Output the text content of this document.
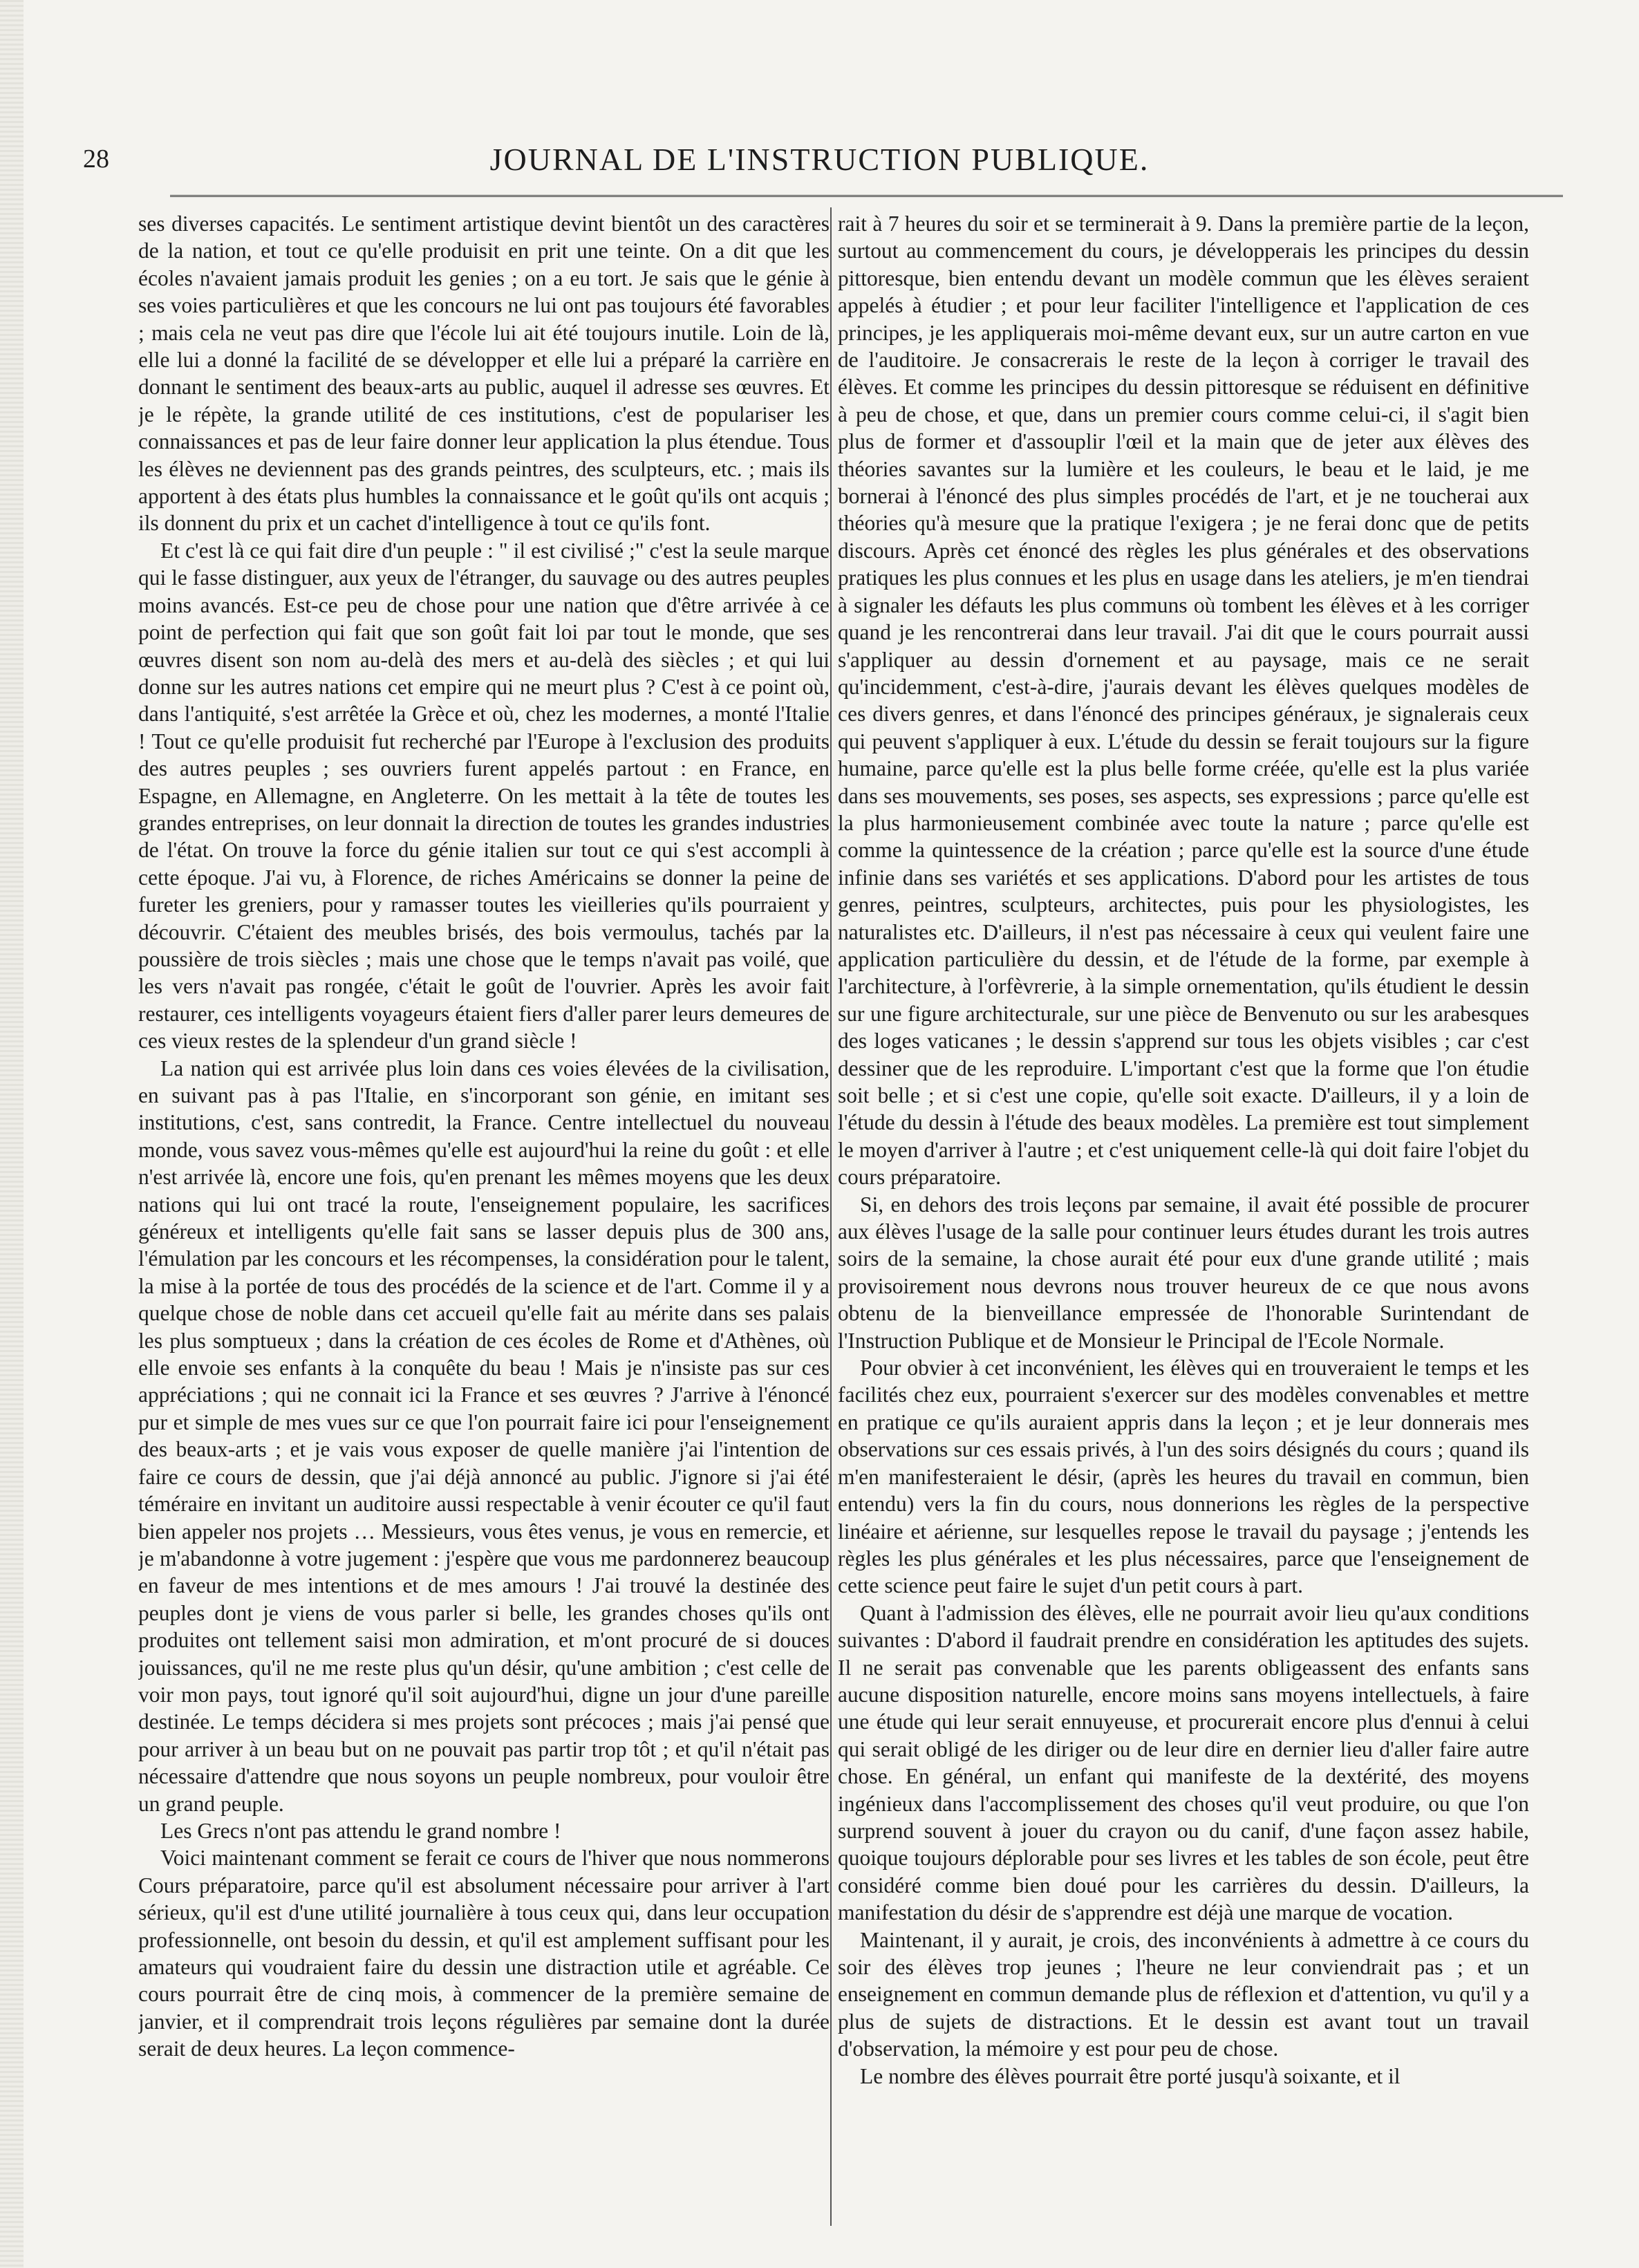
28	JOURNAL DE L'INSTRUCTION PUBLIQUE.

ses diverses capacités. Le sentiment artistique devint bientôt un des caractères de la nation, et tout ce qu'elle produisit en prit une teinte. On a dit que les écoles n'avaient jamais produit les genies ; on a eu tort. Je sais que le génie à ses voies particulières et que les concours ne lui ont pas toujours été favorables ; mais cela ne veut pas dire que l'école lui ait été toujours inutile. Loin de là, elle lui a donné la facilité de se développer et elle lui a préparé la carrière en donnant le sentiment des beaux-arts au public, auquel il adresse ses œuvres. Et je le répète, la grande utilité de ces institutions, c'est de populariser les connaissances et pas de leur faire donner leur application la plus étendue. Tous les élèves ne deviennent pas des grands peintres, des sculpteurs, etc. ; mais ils apportent à des états plus humbles la connaissance et le goût qu'ils ont acquis ; ils donnent du prix et un cachet d'intelligence à tout ce qu'ils font.

Et c'est là ce qui fait dire d'un peuple : " il est civilisé ;" c'est la seule marque qui le fasse distinguer, aux yeux de l'étranger, du sauvage ou des autres peuples moins avancés. Est-ce peu de chose pour une nation que d'être arrivée à ce point de perfection qui fait que son goût fait loi par tout le monde, que ses œuvres disent son nom au-delà des mers et au-delà des siècles ; et qui lui donne sur les autres nations cet empire qui ne meurt plus ? C'est à ce point où, dans l'antiquité, s'est arrêtée la Grèce et où, chez les modernes, a monté l'Italie ! Tout ce qu'elle produisit fut recherché par l'Europe à l'exclusion des produits des autres peuples ; ses ouvriers furent appelés partout : en France, en Espagne, en Allemagne, en Angleterre. On les mettait à la tête de toutes les grandes entreprises, on leur donnait la direction de toutes les grandes industries de l'état. On trouve la force du génie italien sur tout ce qui s'est accompli à cette époque. J'ai vu, à Florence, de riches Américains se donner la peine de fureter les greniers, pour y ramasser toutes les vieilleries qu'ils pourraient y découvrir. C'étaient des meubles brisés, des bois vermoulus, tachés par la poussière de trois siècles ; mais une chose que le temps n'avait pas voilé, que les vers n'avait pas rongée, c'était le goût de l'ouvrier. Après les avoir fait restaurer, ces intelligents voyageurs étaient fiers d'aller parer leurs demeures de ces vieux restes de la splendeur d'un grand siècle !

La nation qui est arrivée plus loin dans ces voies élevées de la civilisation, en suivant pas à pas l'Italie, en s'incorporant son génie, en imitant ses institutions, c'est, sans contredit, la France. Centre intellectuel du nouveau monde, vous savez vous-mêmes qu'elle est aujourd'hui la reine du goût : et elle n'est arrivée là, encore une fois, qu'en prenant les mêmes moyens que les deux nations qui lui ont tracé la route, l'enseignement populaire, les sacrifices généreux et intelligents qu'elle fait sans se lasser depuis plus de 300 ans, l'émulation par les concours et les récompenses, la considération pour le talent, la mise à la portée de tous des procédés de la science et de l'art. Comme il y a quelque chose de noble dans cet accueil qu'elle fait au mérite dans ses palais les plus somptueux ; dans la création de ces écoles de Rome et d'Athènes, où elle envoie ses enfants à la conquête du beau ! Mais je n'insiste pas sur ces appréciations ; qui ne connait ici la France et ses œuvres ? J'arrive à l'énoncé pur et simple de mes vues sur ce que l'on pourrait faire ici pour l'enseignement des beaux-arts ; et je vais vous exposer de quelle manière j'ai l'intention de faire ce cours de dessin, que j'ai déjà annoncé au public. J'ignore si j'ai été téméraire en invitant un auditoire aussi respectable à venir écouter ce qu'il faut bien appeler nos projets … Messieurs, vous êtes venus, je vous en remercie, et je m'abandonne à votre jugement : j'espère que vous me pardonnerez beaucoup en faveur de mes intentions et de mes amours ! J'ai trouvé la destinée des peuples dont je viens de vous parler si belle, les grandes choses qu'ils ont produites ont tellement saisi mon admiration, et m'ont procuré de si douces jouissances, qu'il ne me reste plus qu'un désir, qu'une ambition ; c'est celle de voir mon pays, tout ignoré qu'il soit aujourd'hui, digne un jour d'une pareille destinée. Le temps décidera si mes projets sont précoces ; mais j'ai pensé que pour arriver à un beau but on ne pouvait pas partir trop tôt ; et qu'il n'était pas nécessaire d'attendre que nous soyons un peuple nombreux, pour vouloir être un grand peuple.

Les Grecs n'ont pas attendu le grand nombre !

Voici maintenant comment se ferait ce cours de l'hiver que nous nommerons Cours préparatoire, parce qu'il est absolument nécessaire pour arriver à l'art sérieux, qu'il est d'une utilité journalière à tous ceux qui, dans leur occupation professionnelle, ont besoin du dessin, et qu'il est amplement suffisant pour les amateurs qui voudraient faire du dessin une distraction utile et agréable. Ce cours pourrait être de cinq mois, à commencer de la première semaine de janvier, et il comprendrait trois leçons régulières par semaine dont la durée serait de deux heures. La leçon commence-

rait à 7 heures du soir et se terminerait à 9. Dans la première partie de la leçon, surtout au commencement du cours, je développerais les principes du dessin pittoresque, bien entendu devant un modèle commun que les élèves seraient appelés à étudier ; et pour leur faciliter l'intelligence et l'application de ces principes, je les appliquerais moi-même devant eux, sur un autre carton en vue de l'auditoire. Je consacrerais le reste de la leçon à corriger le travail des élèves. Et comme les principes du dessin pittoresque se réduisent en définitive à peu de chose, et que, dans un premier cours comme celui-ci, il s'agit bien plus de former et d'assouplir l'œil et la main que de jeter aux élèves des théories savantes sur la lumière et les couleurs, le beau et le laid, je me bornerai à l'énoncé des plus simples procédés de l'art, et je ne toucherai aux théories qu'à mesure que la pratique l'exigera ; je ne ferai donc que de petits discours. Après cet énoncé des règles les plus générales et des observations pratiques les plus connues et les plus en usage dans les ateliers, je m'en tiendrai à signaler les défauts les plus communs où tombent les élèves et à les corriger quand je les rencontrerai dans leur travail. J'ai dit que le cours pourrait aussi s'appliquer au dessin d'ornement et au paysage, mais ce ne serait qu'incidemment, c'est-à-dire, j'aurais devant les élèves quelques modèles de ces divers genres, et dans l'énoncé des principes généraux, je signalerais ceux qui peuvent s'appliquer à eux. L'étude du dessin se ferait toujours sur la figure humaine, parce qu'elle est la plus belle forme créée, qu'elle est la plus variée dans ses mouvements, ses poses, ses aspects, ses expressions ; parce qu'elle est la plus harmonieusement combinée avec toute la nature ; parce qu'elle est comme la quintessence de la création ; parce qu'elle est la source d'une étude infinie dans ses variétés et ses applications. D'abord pour les artistes de tous genres, peintres, sculpteurs, architectes, puis pour les physiologistes, les naturalistes etc. D'ailleurs, il n'est pas nécessaire à ceux qui veulent faire une application particulière du dessin, et de l'étude de la forme, par exemple à l'architecture, à l'orfèvrerie, à la simple ornementation, qu'ils étudient le dessin sur une figure architecturale, sur une pièce de Benvenuto ou sur les arabesques des loges vaticanes ; le dessin s'apprend sur tous les objets visibles ; car c'est dessiner que de les reproduire. L'important c'est que la forme que l'on étudie soit belle ; et si c'est une copie, qu'elle soit exacte. D'ailleurs, il y a loin de l'étude du dessin à l'étude des beaux modèles. La première est tout simplement le moyen d'arriver à l'autre ; et c'est uniquement celle-là qui doit faire l'objet du cours préparatoire.

Si, en dehors des trois leçons par semaine, il avait été possible de procurer aux élèves l'usage de la salle pour continuer leurs études durant les trois autres soirs de la semaine, la chose aurait été pour eux d'une grande utilité ; mais provisoirement nous devrons nous trouver heureux de ce que nous avons obtenu de la bienveillance empressée de l'honorable Surintendant de l'Instruction Publique et de Monsieur le Principal de l'Ecole Normale.

Pour obvier à cet inconvénient, les élèves qui en trouveraient le temps et les facilités chez eux, pourraient s'exercer sur des modèles convenables et mettre en pratique ce qu'ils auraient appris dans la leçon ; et je leur donnerais mes observations sur ces essais privés, à l'un des soirs désignés du cours ; quand ils m'en manifesteraient le désir, (après les heures du travail en commun, bien entendu) vers la fin du cours, nous donnerions les règles de la perspective linéaire et aérienne, sur lesquelles repose le travail du paysage ; j'entends les règles les plus générales et les plus nécessaires, parce que l'enseignement de cette science peut faire le sujet d'un petit cours à part.

Quant à l'admission des élèves, elle ne pourrait avoir lieu qu'aux conditions suivantes : D'abord il faudrait prendre en considération les aptitudes des sujets. Il ne serait pas convenable que les parents obligeassent des enfants sans aucune disposition naturelle, encore moins sans moyens intellectuels, à faire une étude qui leur serait ennuyeuse, et procurerait encore plus d'ennui à celui qui serait obligé de les diriger ou de leur dire en dernier lieu d'aller faire autre chose. En général, un enfant qui manifeste de la dextérité, des moyens ingénieux dans l'accomplissement des choses qu'il veut produire, ou que l'on surprend souvent à jouer du crayon ou du canif, d'une façon assez habile, quoique toujours déplorable pour ses livres et les tables de son école, peut être considéré comme bien doué pour les carrières du dessin. D'ailleurs, la manifestation du désir de s'apprendre est déjà une marque de vocation.

Maintenant, il y aurait, je crois, des inconvénients à admettre à ce cours du soir des élèves trop jeunes ; l'heure ne leur conviendrait pas ; et un enseignement en commun demande plus de réflexion et d'attention, vu qu'il y a plus de sujets de distractions. Et le dessin est avant tout un travail d'observation, la mémoire y est pour peu de chose.

Le nombre des élèves pourrait être porté jusqu'à soixante, et il
